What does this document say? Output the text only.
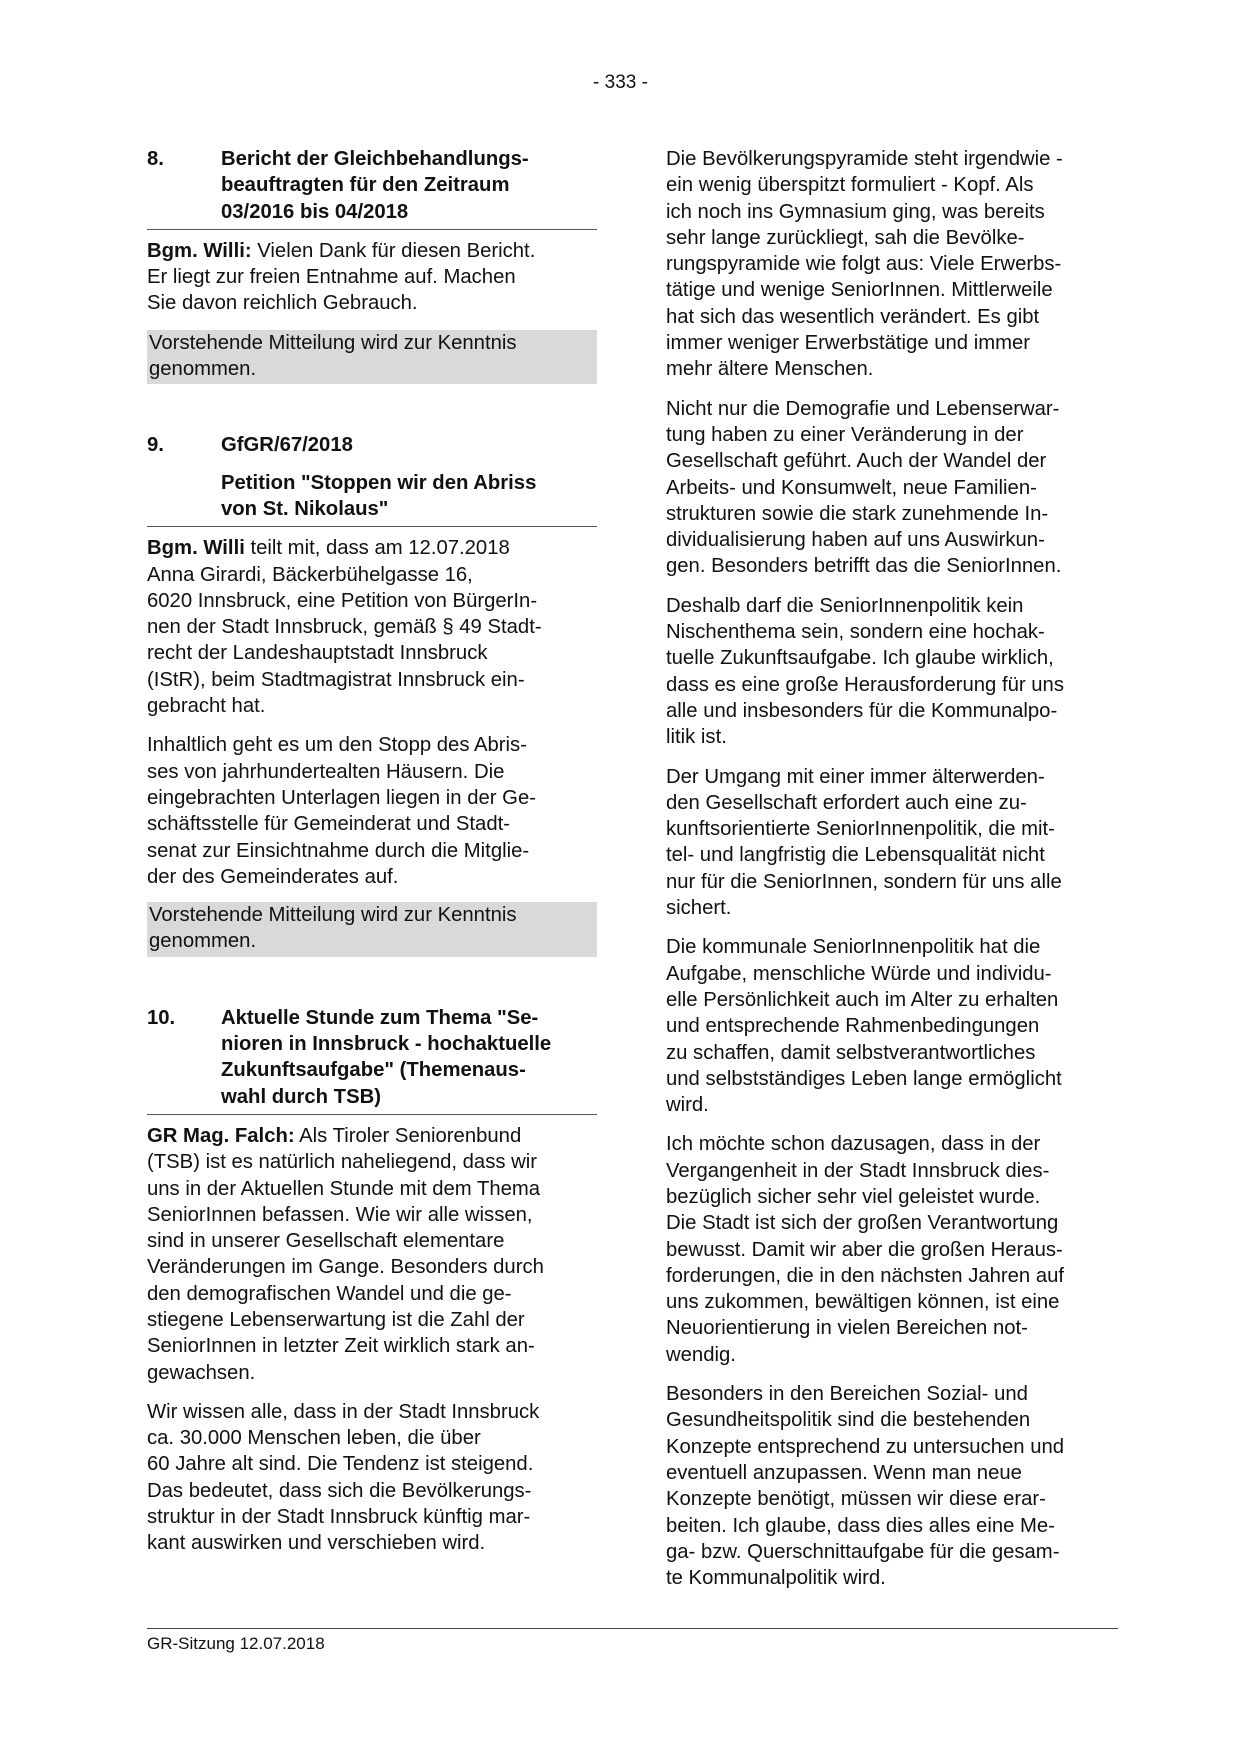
- 333 -
8.	Bericht der Gleichbehandlungs-
beauftragten für den Zeitraum
03/2016 bis 04/2018

Bgm. Willi: Vielen Dank für diesen Bericht.
Er liegt zur freien Entnahme auf. Machen
Sie davon reichlich Gebrauch.

Vorstehende Mitteilung wird zur Kenntnis
genommen.
9.	GfGR/67/2018
Petition "Stoppen wir den Abriss
von St. Nikolaus"

Bgm. Willi teilt mit, dass am 12.07.2018
Anna Girardi, Bäckerbühelgasse 16,
6020 Innsbruck, eine Petition von BürgerIn-
nen der Stadt Innsbruck, gemäß § 49 Stadt-
recht der Landeshauptstadt Innsbruck
(IStR), beim Stadtmagistrat Innsbruck ein-
gebracht hat.

Inhaltlich geht es um den Stopp des Abris-
ses von jahrhundertealten Häusern. Die
eingebrachten Unterlagen liegen in der Ge-
schäftsstelle für Gemeinderat und Stadt-
senat zur Einsichtnahme durch die Mitglie-
der des Gemeinderates auf.

Vorstehende Mitteilung wird zur Kenntnis
genommen.
10.	Aktuelle Stunde zum Thema "Se-
nioren in Innsbruck - hochaktuelle
Zukunftsaufgabe" (Themenaus-
wahl durch TSB)

GR Mag. Falch: Als Tiroler Seniorenbund
(TSB) ist es natürlich naheliegend, dass wir
uns in der Aktuellen Stunde mit dem Thema
SeniorInnen befassen. Wie wir alle wissen,
sind in unserer Gesellschaft elementare
Veränderungen im Gange. Besonders durch
den demografischen Wandel und die ge-
stiegene Lebenserwartung ist die Zahl der
SeniorInnen in letzter Zeit wirklich stark an-
gewachsen.

Wir wissen alle, dass in der Stadt Innsbruck
ca. 30.000 Menschen leben, die über
60 Jahre alt sind. Die Tendenz ist steigend.
Das bedeutet, dass sich die Bevölkerungs-
struktur in der Stadt Innsbruck künftig mar-
kant auswirken und verschieben wird.

Die Bevölkerungspyramide steht irgendwie -
ein wenig überspitzt formuliert - Kopf. Als
ich noch ins Gymnasium ging, was bereits
sehr lange zurückliegt, sah die Bevölke-
rungspyramide wie folgt aus: Viele Erwerbs-
tätige und wenige SeniorInnen. Mittlerweile
hat sich das wesentlich verändert. Es gibt
immer weniger Erwerbstätige und immer
mehr ältere Menschen.

Nicht nur die Demografie und Lebenserwar-
tung haben zu einer Veränderung in der
Gesellschaft geführt. Auch der Wandel der
Arbeits- und Konsumwelt, neue Familien-
strukturen sowie die stark zunehmende In-
dividualisierung haben auf uns Auswirkun-
gen. Besonders betrifft das die SeniorInnen.

Deshalb darf die SeniorInnenpolitik kein
Nischenthema sein, sondern eine hochak-
tuelle Zukunftsaufgabe. Ich glaube wirklich,
dass es eine große Herausforderung für uns
alle und insbesonders für die Kommunalpo-
litik ist.

Der Umgang mit einer immer älterwerden-
den Gesellschaft erfordert auch eine zu-
kunftsorientierte SeniorInnenpolitik, die mit-
tel- und langfristig die Lebensqualität nicht
nur für die SeniorInnen, sondern für uns alle
sichert.

Die kommunale SeniorInnenpolitik hat die
Aufgabe, menschliche Würde und individu-
elle Persönlichkeit auch im Alter zu erhalten
und entsprechende Rahmenbedingungen
zu schaffen, damit selbstverantwortliches
und selbstständiges Leben lange ermöglicht
wird.

Ich möchte schon dazusagen, dass in der
Vergangenheit in der Stadt Innsbruck dies-
bezüglich sicher sehr viel geleistet wurde.
Die Stadt ist sich der großen Verantwortung
bewusst. Damit wir aber die großen Heraus-
forderungen, die in den nächsten Jahren auf
uns zukommen, bewältigen können, ist eine
Neuorientierung in vielen Bereichen not-
wendig.

Besonders in den Bereichen Sozial- und
Gesundheitspolitik sind die bestehenden
Konzepte entsprechend zu untersuchen und
eventuell anzupassen. Wenn man neue
Konzepte benötigt, müssen wir diese erar-
beiten. Ich glaube, dass dies alles eine Me-
ga- bzw. Querschnittaufgabe für die gesam-
te Kommunalpolitik wird.

GR-Sitzung 12.07.2018
